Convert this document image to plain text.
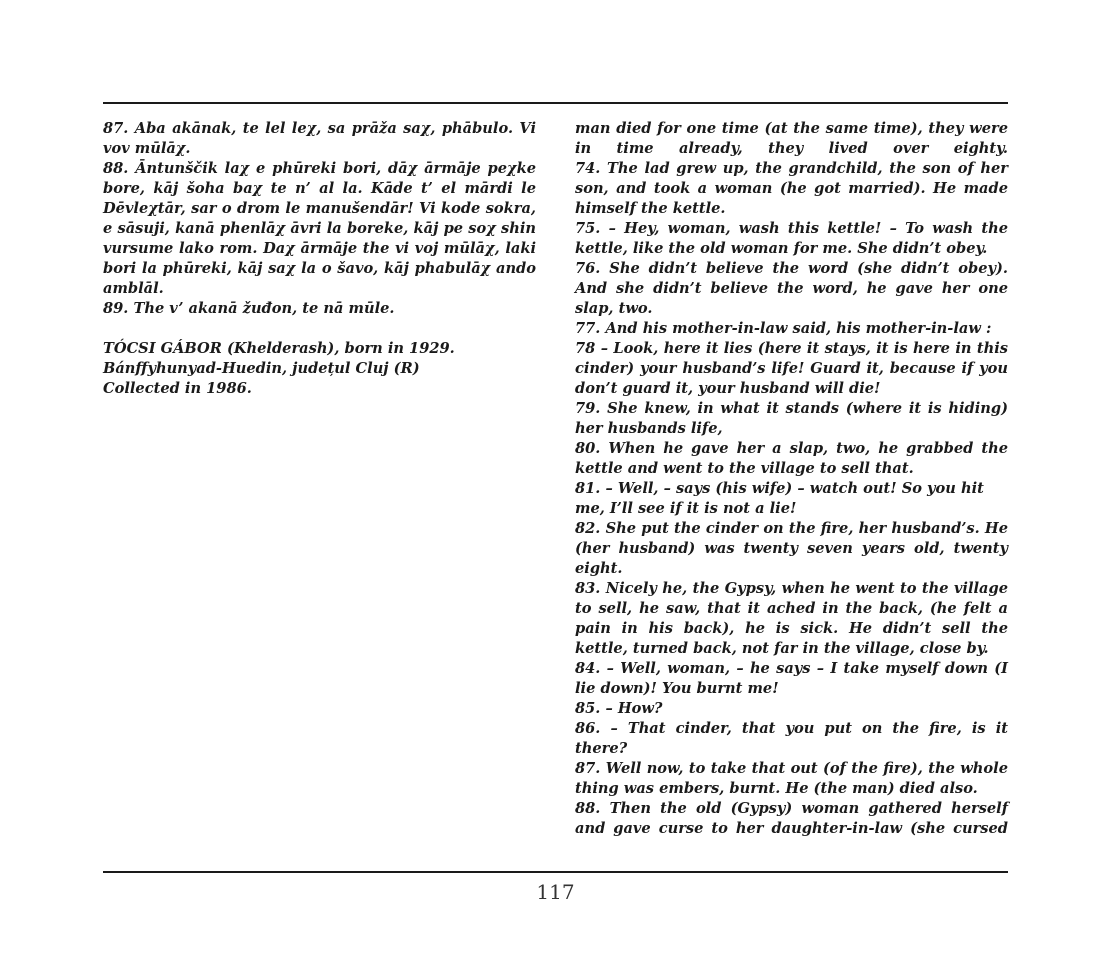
87. Aba akānak, te lel leχ, sa prāža saχ, phābulo. Vi vov mūlāχ.

88. Āntunščik laχ e phūreki bori, dāχ ārmāje peχke bore, kāj šoha baχ te n’ al la. Kāde t’ el mārdi le Dēvleχtār, sar o drom le manušendār! Vi kode sokra, e sāsuji, kanā phenlāχ āvri la boreke, kāj pe soχ shin vursume lako rom. Daχ ārmāje the vi voj mūlāχ, laki bori la phūreki, kāj saχ la o šavo, kāj phabulāχ ando amblāl.

89. The v’ akanā žuđon, te nā mūle.

TÓCSI GÁBOR (Khelderash), born in 1929.

Bánffyhunyad-Huedin, județul Cluj (R)

Collected in 1986.

man died for one time (at the same time), they were in time already, they lived over eighty.

74. The lad grew up, the grandchild, the son of her son, and took a woman (he got married). He made himself the kettle.

75. – Hey, woman, wash this kettle! – To wash the kettle, like the old woman for me. She didn’t obey.

76. She didn’t believe the word (she didn’t obey). And she didn’t believe the word, he gave her one slap, two.

77. And his mother-in-law said, his mother-in-law :

78 – Look, here it lies (here it stays, it is here in this cinder) your husband’s life! Guard it, because if you don’t guard it, your husband will die!

79. She knew, in what it stands (where it is hiding) her husbands life,

80. When he gave her a slap, two, he grabbed the kettle and went to the village to sell that.

81. – Well, – says (his wife) – watch out! So you hit

me, I’ll see if it is not a lie!

82. She put the cinder on the fire, her husband’s. He (her husband) was twenty seven years old, twenty eight.

83. Nicely he, the Gypsy, when he went to the village to sell, he saw, that it ached in the back, (he felt a pain in his back), he is sick. He didn’t sell the kettle, turned back, not far in the village, close by.

84. – Well, woman, – he says – I take myself down (I lie down)! You burnt me!

85. – How?

86. – That cinder, that you put on the fire, is it there?

87. Well now, to take that out (of the fire), the whole thing was embers, burnt. He (the man) died also.

88. Then the old (Gypsy) woman gathered herself and gave curse to her daughter-in-law (she cursed

117
